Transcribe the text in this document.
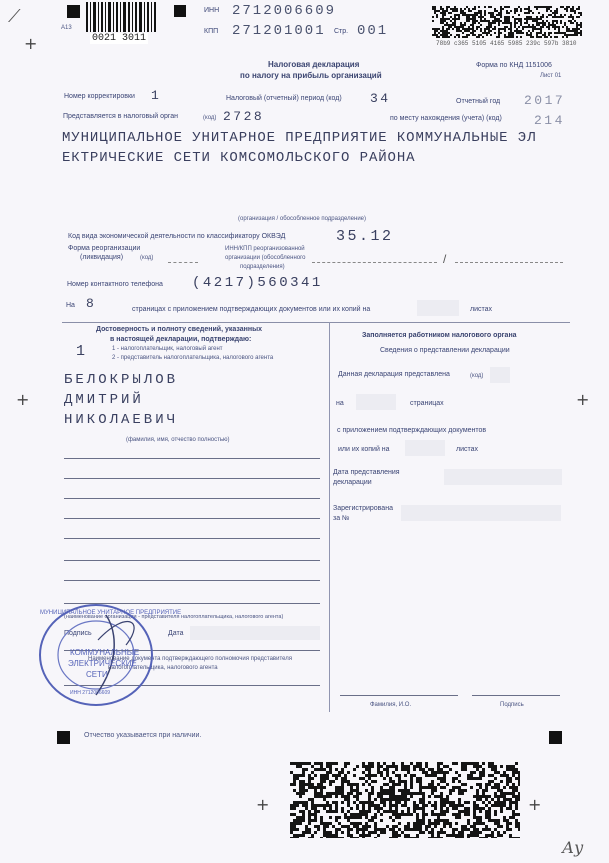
A13
+
⟋
0021 3011
ИНН 2712006609
КПП 271201001 Стр. 001
78b9 c365 5105 4165 5985 239c 597b 3810
Налоговая декларация
по налогу на прибыль организаций
Форма по КНД 1151006
Лист 01
Номер корректировки 1	Налоговый (отчетный) период (код) 34	Отчетный год 2017
Представляется в налоговый орган	(код) 2728	по месту нахождения (учета) (код) 214
МУНИЦИПАЛЬНОЕ УНИТАРНОЕ ПРЕДПРИЯТИЕ КОММУНАЛЬНЫЕ ЭЛ
ЕКТРИЧЕСКИЕ СЕТИ КОМСОМОЛЬСКОГО РАЙОНА
(организация / обособленное подразделение)
Код вида экономической деятельности по классификатору ОКВЭД	35.12
Форма реорганизации
(ликвидация)	(код)
ИНН/КПП реорганизованной
организации (обособленного
подразделения)
/
Номер контактного телефона (4217)560341
На 8	страницах с приложением подтверждающих документов или их копий на	листах
Достоверность и полноту сведений, указанных
в настоящей декларации, подтверждаю:
1	1 - налогоплательщик, налоговый агент
2 - представитель налогоплательщика, налогового агента
БЕЛОКРЫЛОВ
ДМИТРИЙ
НИКОЛАЕВИЧ
(фамилия, имя, отчество полностью)
(наименование организации - представителя налогоплательщика, налогового агента)
Подпись	Дата
Наименование документа подтверждающего полномочия представителя
налогоплательщика, налогового агента
МУНИЦИПАЛЬНОЕ УНИТАРНОЕ ПРЕДПРИЯТИЕ
КОММУНАЛЬНЫЕ
ЭЛЕКТРИЧЕСКИЕ
СЕТИ
ИНН 2712006609
Отчество указывается при наличии.
Заполняется работником налогового органа
Сведения о представлении декларации
Данная декларация представлена	(код)
на	страницах
с приложением подтверждающих документов
или их копий на	листах
Дата представления
декларации
Зарегистрирована
за №
Фамилия, И.О.	Подпись
+	+
+	+
Ау
